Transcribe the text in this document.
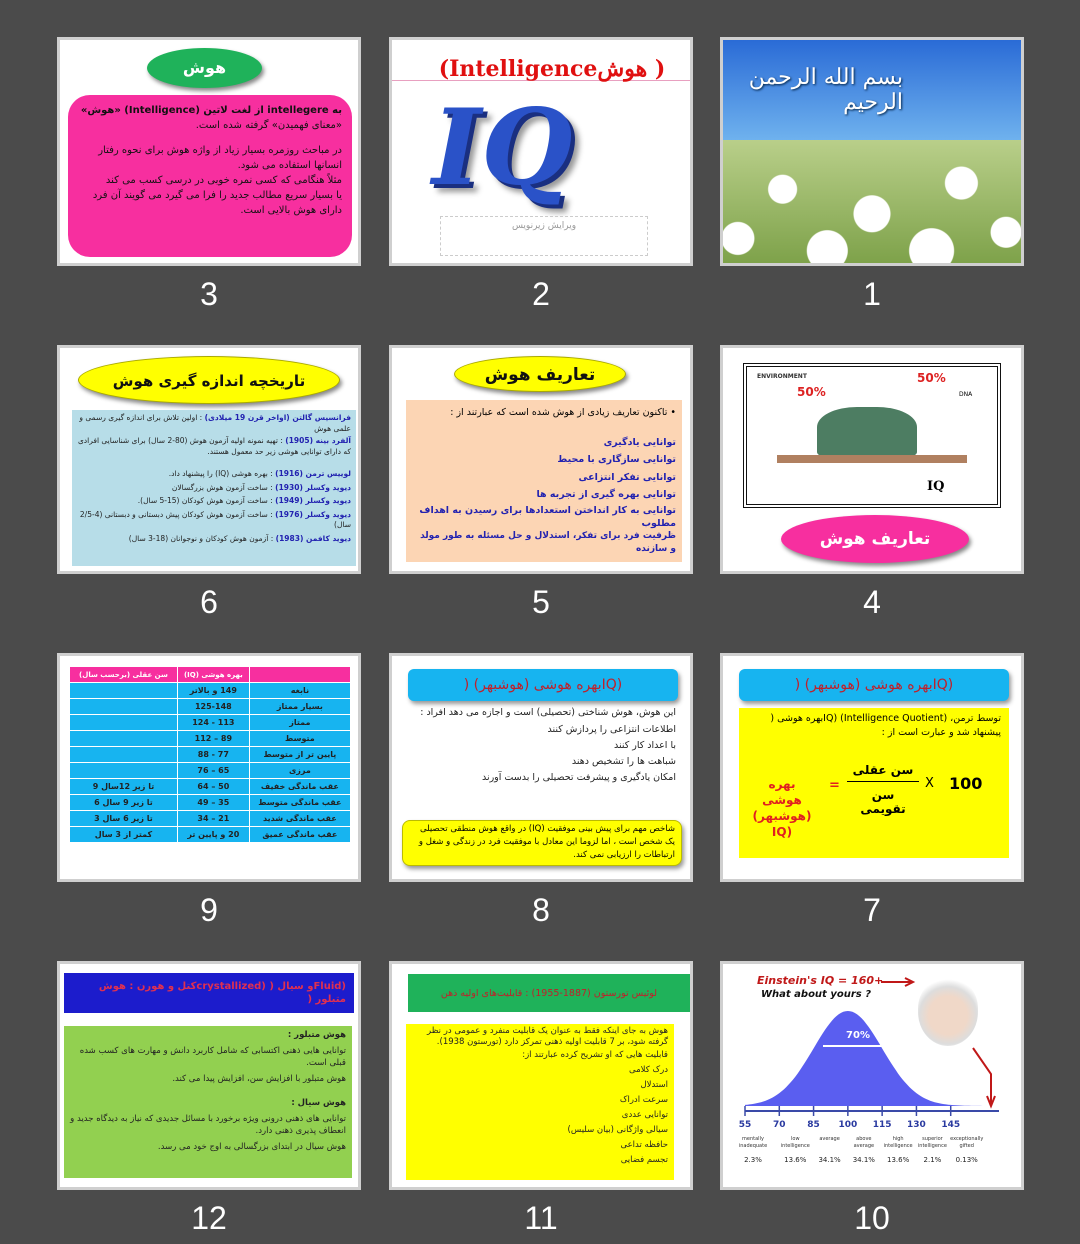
بسم الله الرحمن الرحیم
1
(Intelligenceهوش )
IQ
ویرایش زیرنویس
2
هوش
به intellegere از لغت لاتین (Intelligence) «هوش»
«معنای فهمیدن» گرفته شده است.
در مباحث روزمره بسیار زیاد از واژه هوش برای نحوه رفتار انسانها استفاده می شود.
مثلاً هنگامی که کسی نمره خوبی در درسی کسب می کند
یا بسیار سریع مطالب جدید را فرا می گیرد می گویند آن فرد دارای هوش بالایی است.
3
ENVIRONMENT
50%
50%
DNA
IQ
تعاریف هوش
4
تعاریف هوش
• تاکنون تعاریف زیادی از هوش شده است که عبارتند از :
توانایی یادگیری
توانایی سازگاری با محیط
توانایی تفکر انتزاعی
توانایی بهره گیری از تجربه ها
توانایی به کار انداختن استعدادها برای رسیدن به اهداف مطلوب
ظرفیت فرد برای تفکر، استدلال و حل مسئله به طور مولد و سازنده
5
تاریخچه اندازه گیری هوش
فرانسیس گالتن (اواخر قرن 19 میلادی) : اولین تلاش برای اندازه گیری رسمی و علمی هوش
آلفرد بینه (1905) : تهیه نمونه اولیه آزمون هوش (80-2 سال) برای شناسایی افرادی که دارای توانایی هوشی زیر حد معمول هستند.
لوییس ترمن (1916) : بهره هوشی (IQ) را پیشنهاد داد.
دیوید وکسلر (1930) : ساخت آزمون هوش بزرگسالان
دیوید وکسلر (1949) : ساخت آزمون هوش کودکان (15-5 سال).
دیوید وکسلر (1976) : ساخت آزمون هوش کودکان پیش دبستانی و دبستانی (4-2/5 سال)
دیوید کافمن (1983) : آزمون هوش کودکان و نوجوانان (18-3 سال)
6
(IQبهره هوشی (هوشبهر) (
توسط ترمن، (Intelligence Quotient) (IQبهره هوشی ( پیشنهاد شد و عبارت است از :
بهره هوشی (هوشبهر) (IQ
=
سن عقلی
سن تقویمی
X 100
7
(IQبهره هوشی (هوشبهر) (
این هوش، هوش شناختی (تحصیلی) است و اجازه می دهد افراد :
اطلاعات انتزاعی را پردازش کنند
با اعداد کار کنند
شباهت ها را تشخیص دهند
امکان یادگیری و پیشرفت تحصیلی را بدست آورند
شاخص مهم برای پیش بینی موفقیت (IQ) در واقع هوش منطقی تحصیلی یک شخص است ، اما لزوما این معادل با موفقیت فرد در زندگی و شغل و ارتباطات را ارزیابی نمی کند.
8
	بهره هوشی (IQ)	سن عقلی (برحسب سال)
نابغه	149 و بالاتر	
بسیار ممتاز	125-148	
ممتاز	113 - 124	
متوسط	89 – 112	
پایین تر از متوسط	77 - 88	
مرزی	65 – 76	
عقب ماندگی خفیف	50 – 64	تا زیر 12سال 9
عقب ماندگی متوسط	35 – 49	تا زیر 9 سال 6
عقب ماندگی شدید	21 – 34	تا زیر 6 سال 3
عقب ماندگی عمیق	20 و پایین تر	کمتر از 3 سال
9
Einstein's IQ = 160+
What about yours ?
70%
55
mentally
inadequate
2.3%
70
low
intelligence
13.6%
85
average
34.1%
100
above
average
34.1%
115
high
intelligence
13.6%
130
superior
intelligence
2.1%
145
exceptionally
gifted
0.13%
10
لوئیس تورستون (1887-1955) : قابلیت‌های اولیه ذهن
هوش به جای اینکه فقط به عنوان یک قابلیت منفرد و عمومی در نظر گرفته شود، بر 7 قابلیت اولیه ذهنی تمرکز دارد (تورستون 1938).
قابلیت هایی که او تشریح کرده عبارتند از:
درک کلامی
استدلال
سرعت ادراک
توانایی عددی
سیالی واژگانی (بیان سلیس)
حافظه تداعی
تجسم فضایی
11
(Fluidو سیال ( (crystallizedکتل و هورن : هوش متبلور (
هوش متبلور :
توانایی هایی ذهنی اکتسابی که شامل کاربرد دانش و مهارت های کسب شده قبلی است.
هوش متبلور با افزایش سن، افزایش پیدا می کند.
هوش سیال :
توانایی های ذهنی درونی ویژه برخورد با مسائل جدیدی که نیاز به دیدگاه جدید و انعطاف پذیری ذهنی دارد.
هوش سیال در ابتدای بزرگسالی به اوج خود می رسد.
12
